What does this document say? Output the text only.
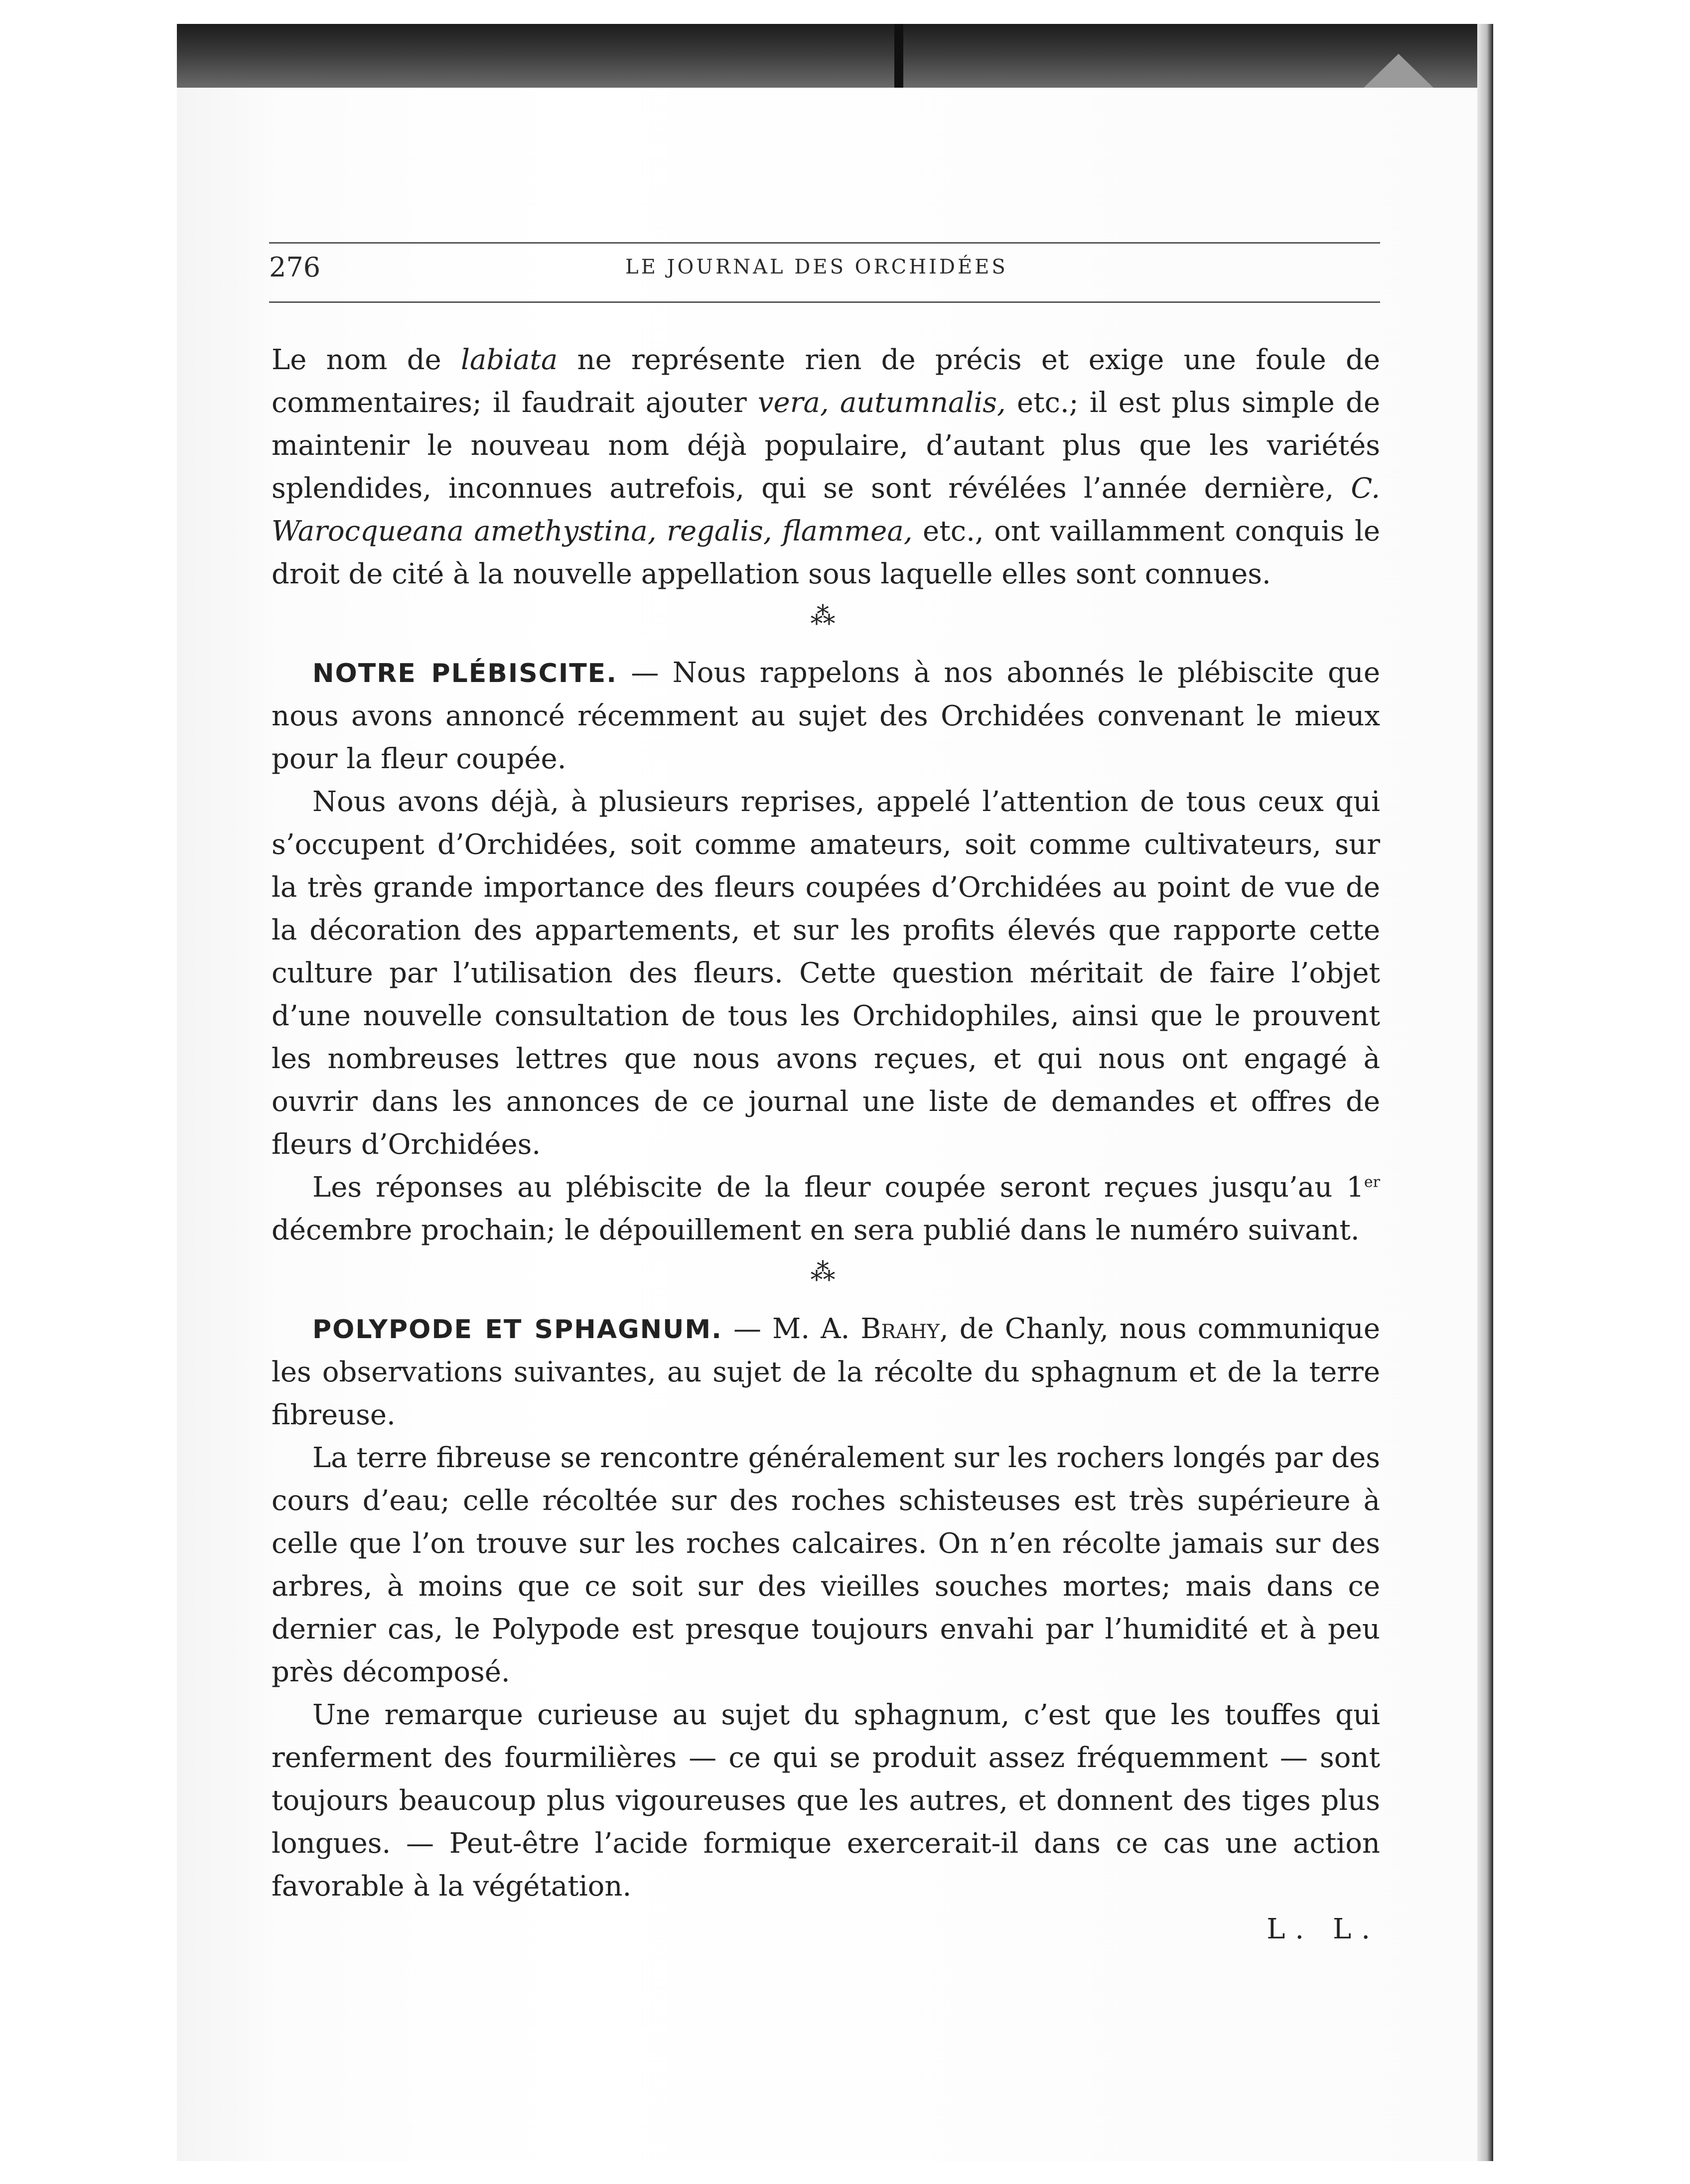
276	LE JOURNAL DES ORCHIDÉES

Le nom de labiata ne représente rien de précis et exige une foule de commentaires; il faudrait ajouter vera, autumnalis, etc.; il est plus simple de maintenir le nouveau nom déjà populaire, d’autant plus que les variétés splendides, inconnues autrefois, qui se sont révélées l’année dernière, C. Warocqueana amethystina, regalis, flammea, etc., ont vaillamment conquis le droit de cité à la nouvelle appellation sous laquelle elles sont connues.

⁂

NOTRE PLÉBISCITE. — Nous rappelons à nos abonnés le plébiscite que nous avons annoncé récemment au sujet des Orchidées convenant le mieux pour la fleur coupée.

Nous avons déjà, à plusieurs reprises, appelé l’attention de tous ceux qui s’occupent d’Orchidées, soit comme amateurs, soit comme cultivateurs, sur la très grande importance des fleurs coupées d’Orchidées au point de vue de la décoration des appartements, et sur les profits élevés que rapporte cette culture par l’utilisation des fleurs. Cette question méritait de faire l’objet d’une nouvelle consultation de tous les Orchidophiles, ainsi que le prouvent les nombreuses lettres que nous avons reçues, et qui nous ont engagé à ouvrir dans les annonces de ce journal une liste de demandes et offres de fleurs d’Orchidées.

Les réponses au plébiscite de la fleur coupée seront reçues jusqu’au 1er décembre prochain; le dépouillement en sera publié dans le numéro suivant.

⁂

POLYPODE ET SPHAGNUM. — M. A. Brahy, de Chanly, nous communique les observations suivantes, au sujet de la récolte du sphagnum et de la terre fibreuse.

La terre fibreuse se rencontre généralement sur les rochers longés par des cours d’eau; celle récoltée sur des roches schisteuses est très supérieure à celle que l’on trouve sur les roches calcaires. On n’en récolte jamais sur des arbres, à moins que ce soit sur des vieilles souches mortes; mais dans ce dernier cas, le Polypode est presque toujours envahi par l’humidité et à peu près décomposé.

Une remarque curieuse au sujet du sphagnum, c’est que les touffes qui renferment des fourmilières — ce qui se produit assez fréquemment — sont toujours beaucoup plus vigoureuses que les autres, et donnent des tiges plus longues. — Peut-être l’acide formique exercerait-il dans ce cas une action favorable à la végétation.

L. L.
